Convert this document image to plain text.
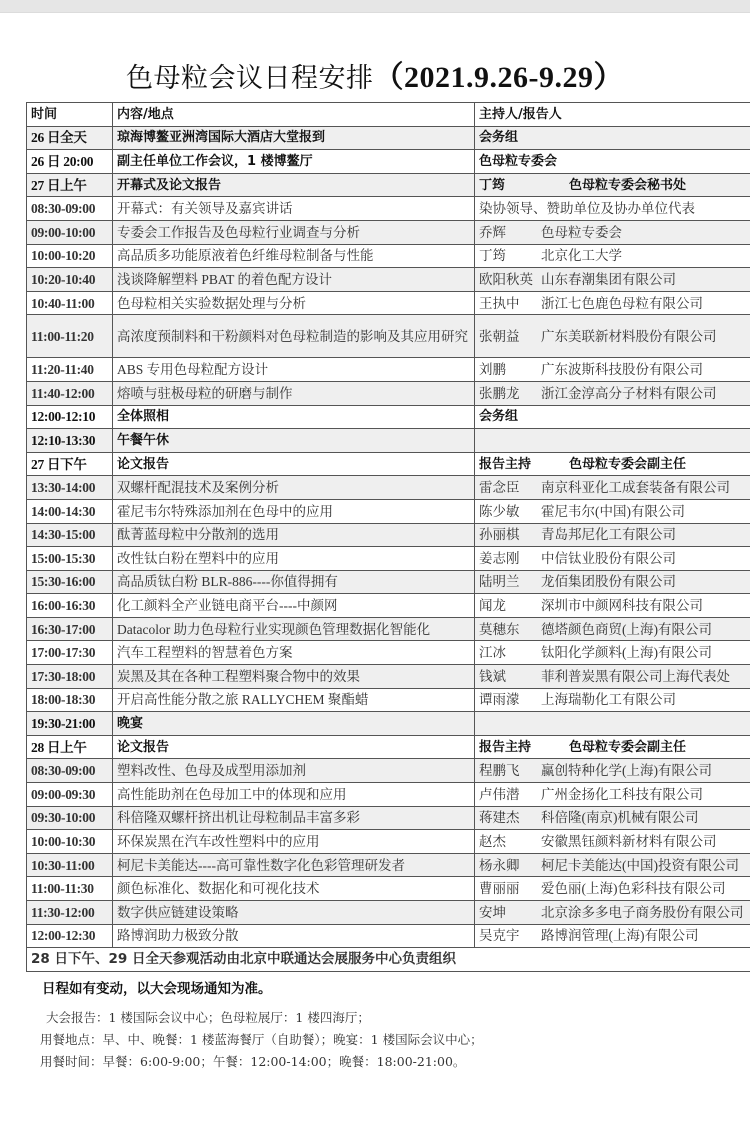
色母粒会议日程安排（2021.9.26-9.29）
时间	内容/地点	主持人/报告人
26 日全天	琼海博鳌亚洲湾国际大酒店大堂报到	会务组
26 日 20:00	副主任单位工作会议，1 楼博鳌厅	色母粒专委会
27 日上午	开幕式及论文报告	丁筠 色母粒专委会秘书处
08:30-09:00	开幕式：有关领导及嘉宾讲话	染协领导、赞助单位及协办单位代表
09:00-10:00	专委会工作报告及色母粒行业调查与分析	乔辉 色母粒专委会
10:00-10:20	高品质多功能原液着色纤维母粒制备与性能	丁筠 北京化工大学
10:20-10:40	浅谈降解塑料 PBAT 的着色配方设计	欧阳秋英 山东春潮集团有限公司
10:40-11:00	色母粒相关实验数据处理与分析	王执中 浙江七色鹿色母粒有限公司
11:00-11:20	高浓度预制料和干粉颜料对色母粒制造的影响及其应用研究	张朝益 广东美联新材料股份有限公司
11:20-11:40	ABS 专用色母粒配方设计	刘鹏 广东波斯科技股份有限公司
11:40-12:00	熔喷与驻极母粒的研磨与制作	张鹏龙 浙江金淳高分子材料有限公司
12:00-12:10	全体照相	会务组
12:10-13:30	午餐午休	
27 日下午	论文报告	报告主持 色母粒专委会副主任
13:30-14:00	双螺杆配混技术及案例分析	雷念臣 南京科亚化工成套装备有限公司
14:00-14:30	霍尼韦尔特殊添加剂在色母中的应用	陈少敏 霍尼韦尔(中国)有限公司
14:30-15:00	酞菁蓝母粒中分散剂的选用	孙丽棋 青岛邦尼化工有限公司
15:00-15:30	改性钛白粉在塑料中的应用	姜志刚 中信钛业股份有限公司
15:30-16:00	高品质钛白粉 BLR-886----你值得拥有	陆明兰 龙佰集团股份有限公司
16:00-16:30	化工颜料全产业链电商平台----中颜网	闻龙 深圳市中颜网科技有限公司
16:30-17:00	Datacolor 助力色母粒行业实现颜色管理数据化智能化	莫穗东 德塔颜色商贸(上海)有限公司
17:00-17:30	汽车工程塑料的智慧着色方案	江冰 钛阳化学颜料(上海)有限公司
17:30-18:00	炭黑及其在各种工程塑料聚合物中的效果	钱斌 菲利普炭黑有限公司上海代表处
18:00-18:30	开启高性能分散之旅 RALLYCHEM 聚酯蜡	谭雨濛 上海瑞勒化工有限公司
19:30-21:00	晚宴	
28 日上午	论文报告	报告主持 色母粒专委会副主任
08:30-09:00	塑料改性、色母及成型用添加剂	程鹏飞 赢创特种化学(上海)有限公司
09:00-09:30	高性能助剂在色母加工中的体现和应用	卢伟潜 广州金扬化工科技有限公司
09:30-10:00	科倍隆双螺杆挤出机让母粒制品丰富多彩	蒋建杰 科倍隆(南京)机械有限公司
10:00-10:30	环保炭黑在汽车改性塑料中的应用	赵杰 安徽黑钰颜料新材料有限公司
10:30-11:00	柯尼卡美能达----高可靠性数字化色彩管理研发者	杨永卿 柯尼卡美能达(中国)投资有限公司
11:00-11:30	颜色标准化、数据化和可视化技术	曹丽丽 爱色丽(上海)色彩科技有限公司
11:30-12:00	数字供应链建设策略	安坤 北京涂多多电子商务股份有限公司
12:00-12:30	路博润助力极致分散	吴克宇 路博润管理(上海)有限公司
28 日下午、29 日全天参观活动由北京中联通达会展服务中心负责组织		

日程如有变动，以大会现场通知为准。

大会报告：1 楼国际会议中心；色母粒展厅：1 楼四海厅；

用餐地点：早、中、晚餐：1 楼蓝海餐厅（自助餐）；晚宴：1 楼国际会议中心；

用餐时间：早餐：6:00-9:00；午餐：12:00-14:00；晚餐：18:00-21:00。
